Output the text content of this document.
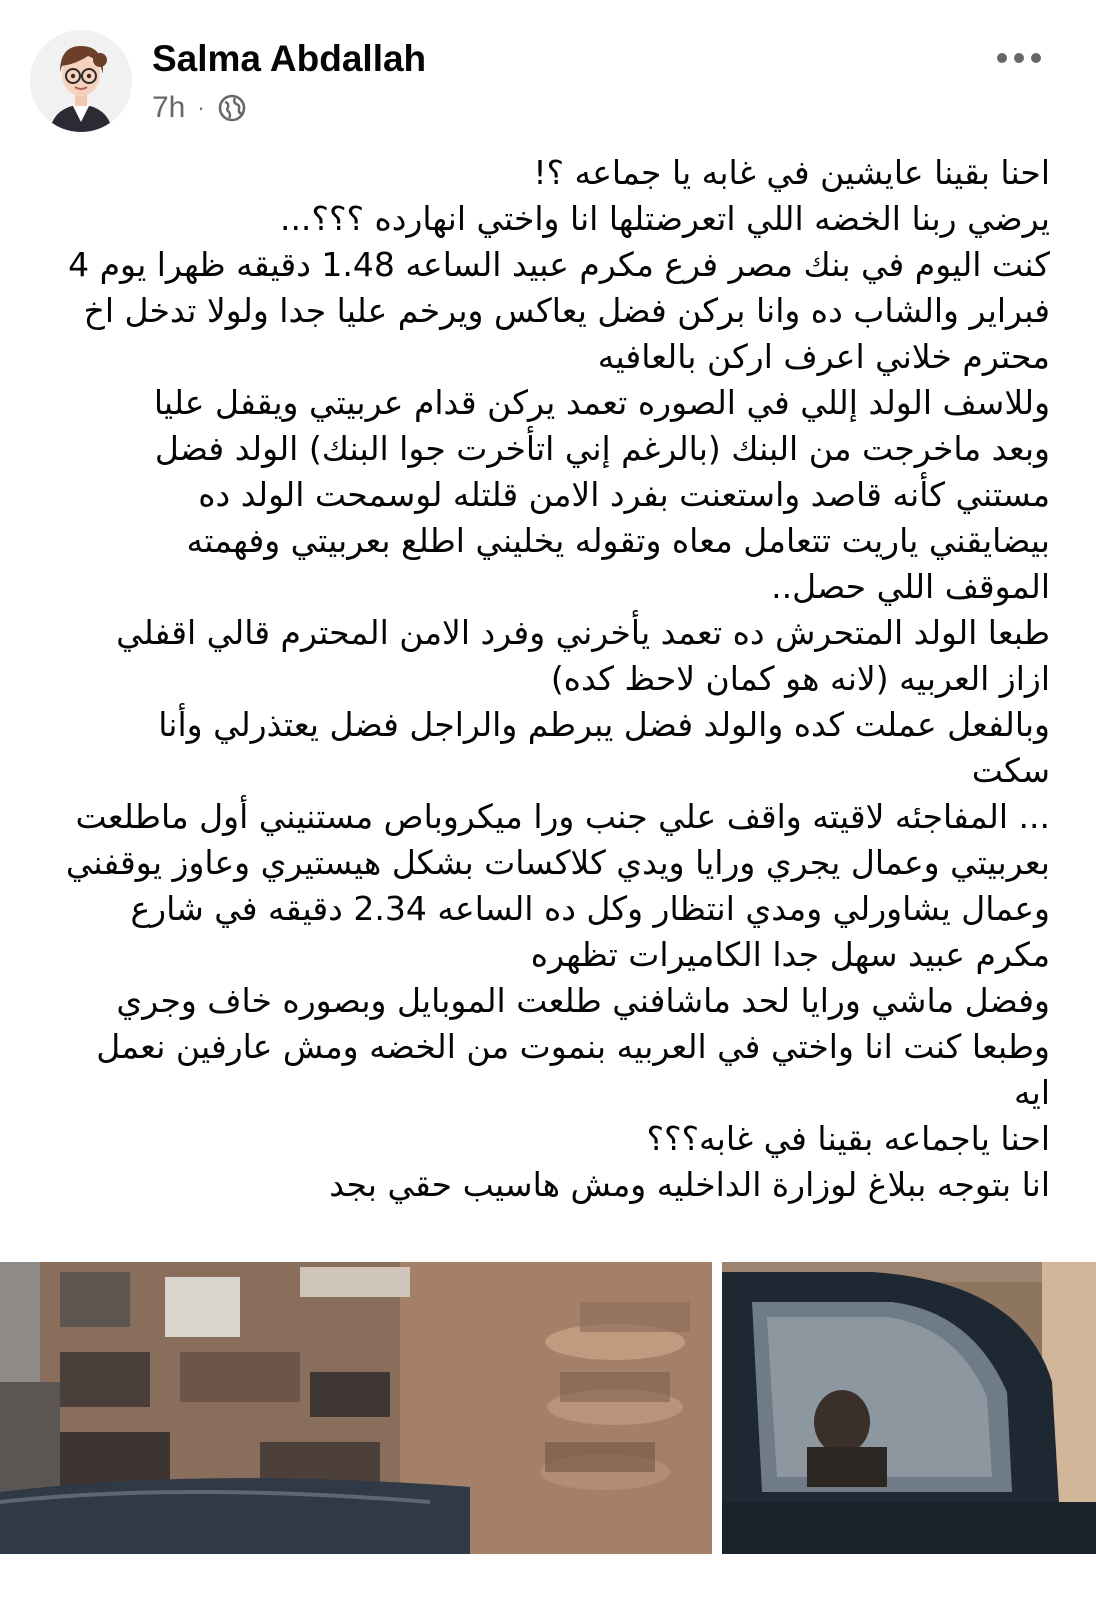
Salma Abdallah
7h ·

احنا بقينا عايشين في غابه يا جماعه ؟!

يرضي ربنا الخضه اللي اتعرضتلها انا واختي انهارده ؟؟؟...

كنت اليوم في بنك مصر فرع مكرم عبيد الساعه 1.48 دقيقه ظهرا يوم 4

فبراير والشاب ده وانا بركن فضل يعاكس ويرخم عليا جدا ولولا تدخل اخ

محترم خلاني اعرف اركن بالعافيه

وللاسف الولد إللي في الصوره تعمد يركن قدام عربيتي ويقفل عليا

وبعد ماخرجت من البنك (بالرغم إني اتأخرت جوا البنك) الولد فضل

مستني كأنه قاصد واستعنت بفرد الامن قلتله لوسمحت الولد ده

بيضايقني ياريت تتعامل معاه وتقوله يخليني اطلع بعربيتي وفهمته

الموقف اللي حصل..

طبعا الولد المتحرش ده تعمد يأخرني وفرد الامن المحترم قالي اقفلي

ازاز العربيه (لانه هو كمان لاحظ كده)

وبالفعل عملت كده والولد فضل يبرطم والراجل فضل يعتذرلي وأنا

سكت

... المفاجئه لاقيته واقف علي جنب ورا ميكروباص مستنيني أول ماطلعت

بعربيتي وعمال يجري ورايا ويدي كلاكسات بشكل هيستيري وعاوز يوقفني

وعمال يشاورلي ومدي انتظار وكل ده الساعه 2.34 دقيقه في شارع

مكرم عبيد سهل جدا الكاميرات تظهره

وفضل ماشي ورايا لحد ماشافني طلعت الموبايل وبصوره خاف وجري

وطبعا كنت انا واختي في العربيه بنموت من الخضه ومش عارفين نعمل

ايه

احنا ياجماعه بقينا في غابه؟؟؟

انا بتوجه ببلاغ لوزارة الداخليه ومش هاسيب حقي بجد
